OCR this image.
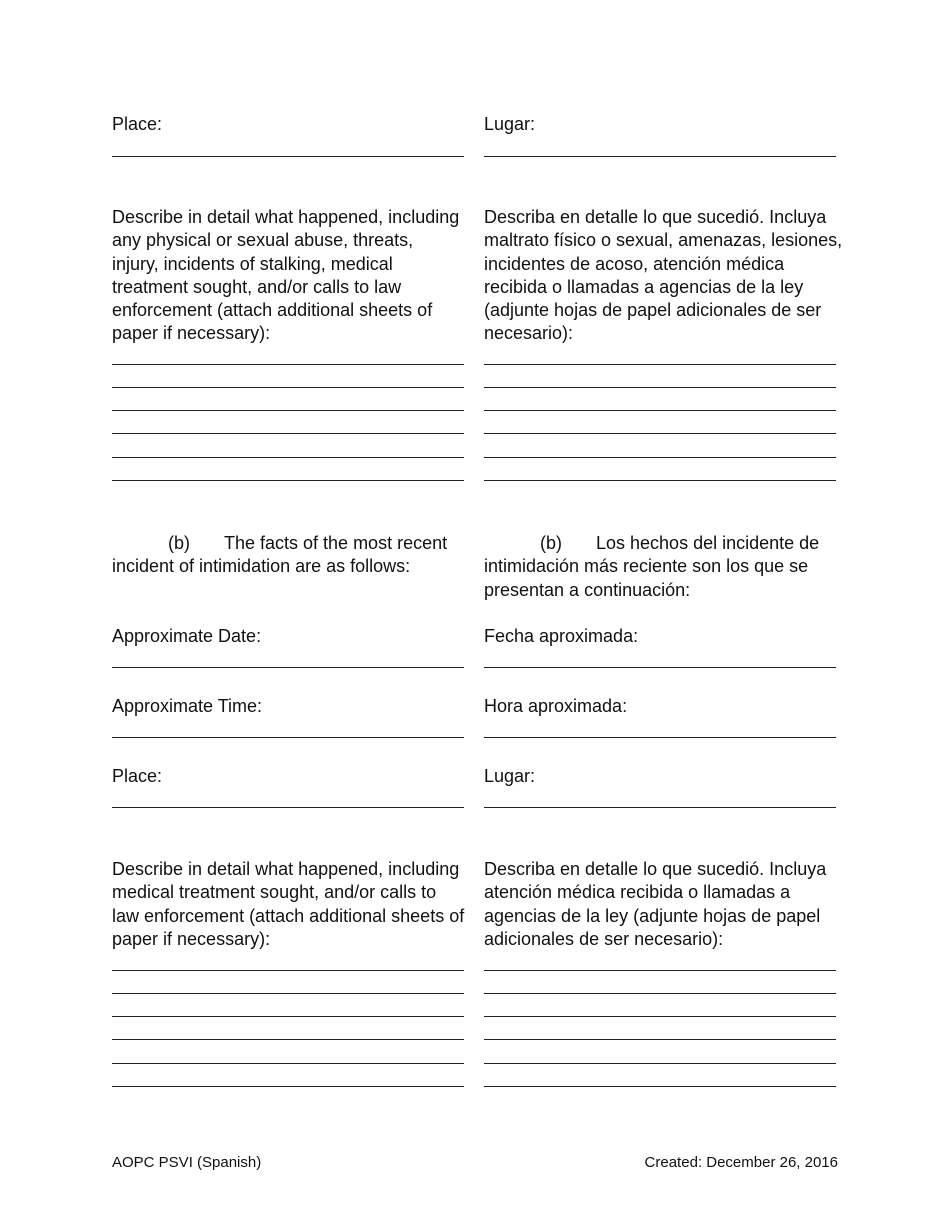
Place:
Describe in detail what happened, including any physical or sexual abuse, threats, injury, incidents of stalking, medical treatment sought, and/or calls to law enforcement (attach additional sheets of paper if necessary):
(b) The facts of the most recent
incident of intimidation are as follows:
Approximate Date:
Approximate Time:
Place:
Describe in detail what happened, including medical treatment sought, and/or calls to law enforcement (attach additional sheets of paper if necessary):
Lugar:
Describa en detalle lo que sucedió. Incluya maltrato físico o sexual, amenazas, lesiones, incidentes de acoso, atención médica recibida o llamadas a agencias de la ley (adjunte hojas de papel adicionales de ser necesario):
(b) Los hechos del incidente de
intimidación más reciente son los que se presentan a continuación:
Fecha aproximada:
Hora aproximada:
Lugar:
Describa en detalle lo que sucedió. Incluya atención médica recibida o llamadas a agencias de la ley (adjunte hojas de papel adicionales de ser necesario):
AOPC PSVI (Spanish)	Created: December 26, 2016
